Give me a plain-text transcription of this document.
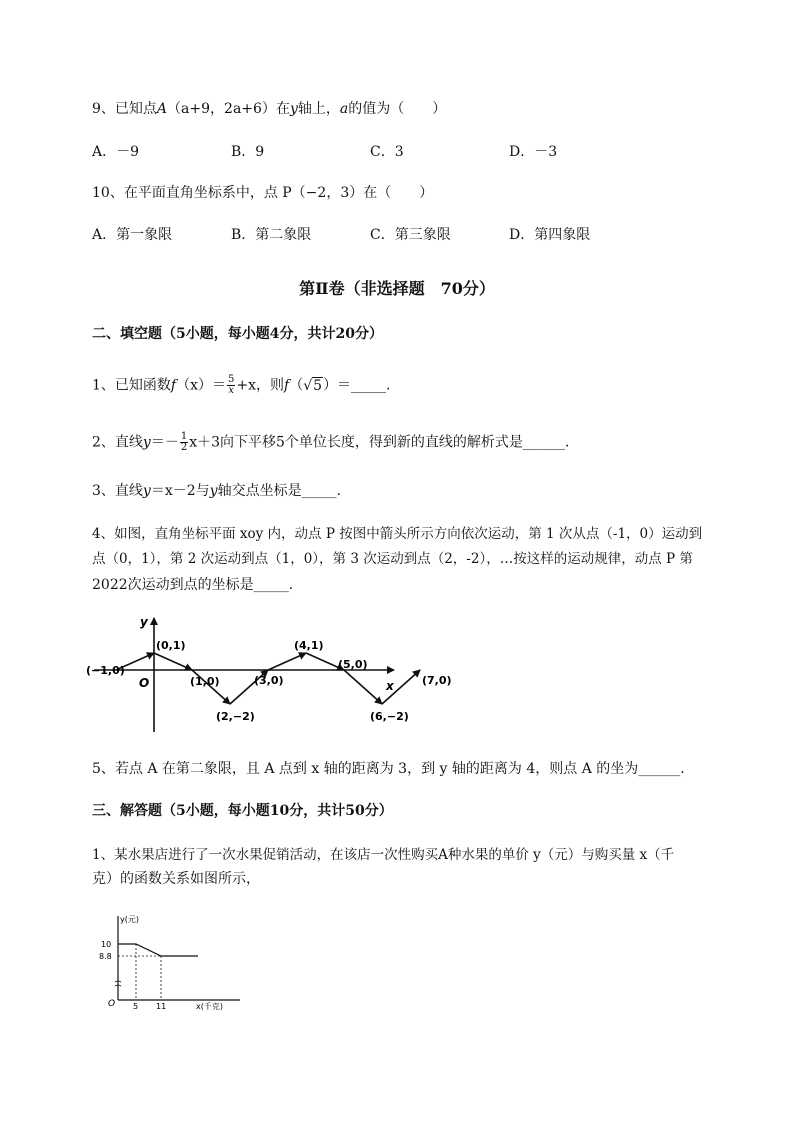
9、已知点A（a+9，2a+6）在y轴上，a的值为（　　）
A．－9	B．9	C．3	D．－3
10、在平面直角坐标系中，点 P（−2，3）在（　　）
A．第一象限	B．第二象限	C．第三象限	D．第四象限
第Ⅱ卷（非选择题　70分）
二、填空题（5小题，每小题4分，共计20分）
1、已知函数$f(x)= \frac{5}{x} +x$，则f（√5）＝_____.
2、直线$y=- \frac{1}{2} x+3$向下平移5个单位长度，得到新的直线的解析式是______.
3、直线y＝x－2与y轴交点坐标是_____.
4、如图，直角坐标平面 xoy 内，动点 P 按图中箭头所示方向依次运动，第 1 次从点（-1，0）运动到
点（0，1），第 2 次运动到点（1，0），第 3 次运动到点（2，-2），…按这样的运动规律，动点 P 第
2022次运动到点的坐标是_____.
y
x
O
(−1,0)
(0,1)
(1,0)
(2,−2)
(3,0)
(4,1)
(5,0)
(6,−2)
(7,0)
5、若点 A 在第二象限，且 A 点到 x 轴的距离为 3，到 y 轴的距离为 4，则点 A 的坐为______.
三、解答题（5小题，每小题10分，共计50分）
1、某水果店进行了一次水果促销活动，在该店一次性购买A种水果的单价 y（元）与购买量 x（千
克）的函数关系如图所示，
y(元)
x(千克)
O
10
8.8
5 11
